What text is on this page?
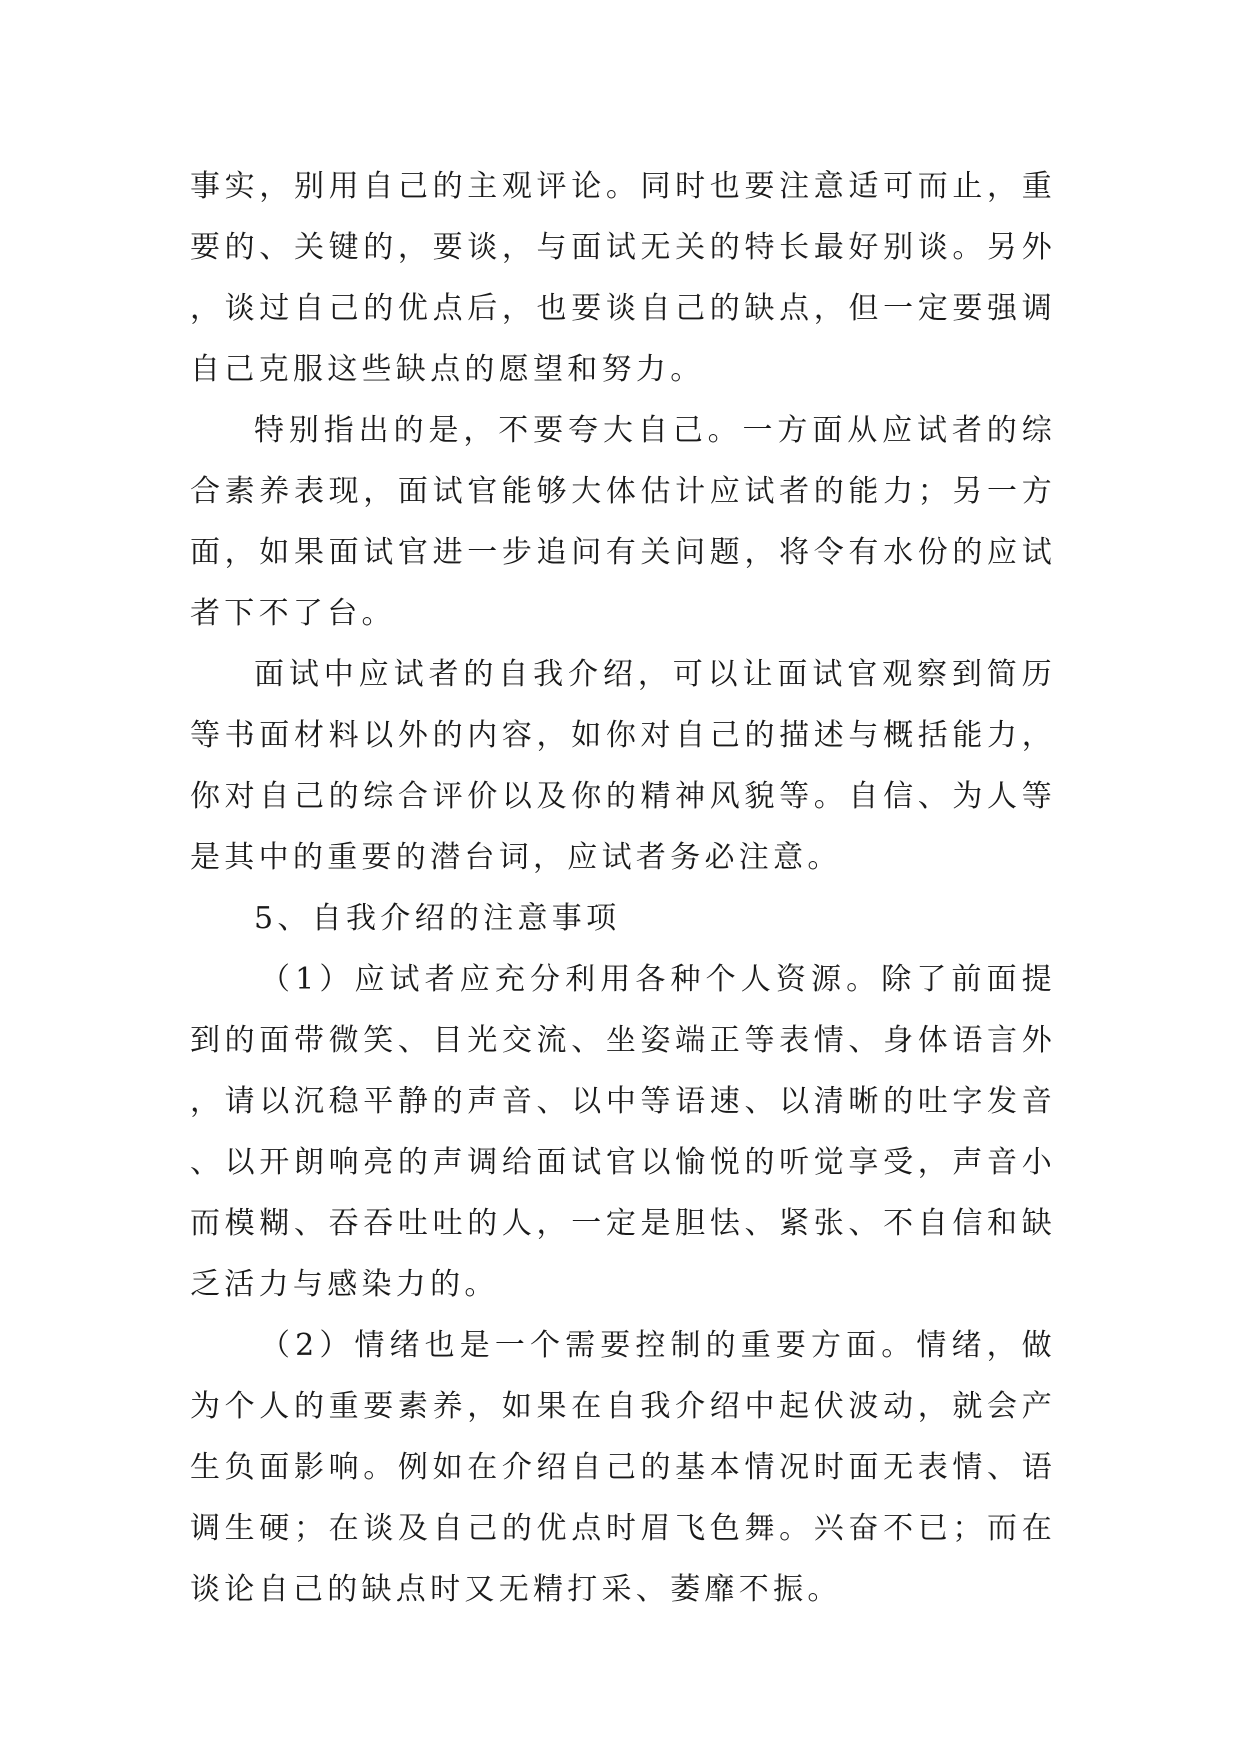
事实，别用自己的主观评论。同时也要注意适可而止，重要的、关键的，要谈，与面试无关的特长最好别谈。另外，谈过自己的优点后，也要谈自己的缺点，但一定要强调自己克服这些缺点的愿望和努力。

特别指出的是，不要夸大自己。一方面从应试者的综合素养表现，面试官能够大体估计应试者的能力；另一方面，如果面试官进一步追问有关问题，将令有水份的应试者下不了台。

面试中应试者的自我介绍，可以让面试官观察到简历等书面材料以外的内容，如你对自己的描述与概括能力，你对自己的综合评价以及你的精神风貌等。自信、为人等是其中的重要的潜台词，应试者务必注意。

5、自我介绍的注意事项

（1）应试者应充分利用各种个人资源。除了前面提到的面带微笑、目光交流、坐姿端正等表情、身体语言外，请以沉稳平静的声音、以中等语速、以清晰的吐字发音、以开朗响亮的声调给面试官以愉悦的听觉享受，声音小而模糊、吞吞吐吐的人，一定是胆怯、紧张、不自信和缺乏活力与感染力的。

（2）情绪也是一个需要控制的重要方面。情绪，做为个人的重要素养，如果在自我介绍中起伏波动，就会产生负面影响。例如在介绍自己的基本情况时面无表情、语调生硬；在谈及自己的优点时眉飞色舞。兴奋不已；而在谈论自己的缺点时又无精打采、萎靡不振。
